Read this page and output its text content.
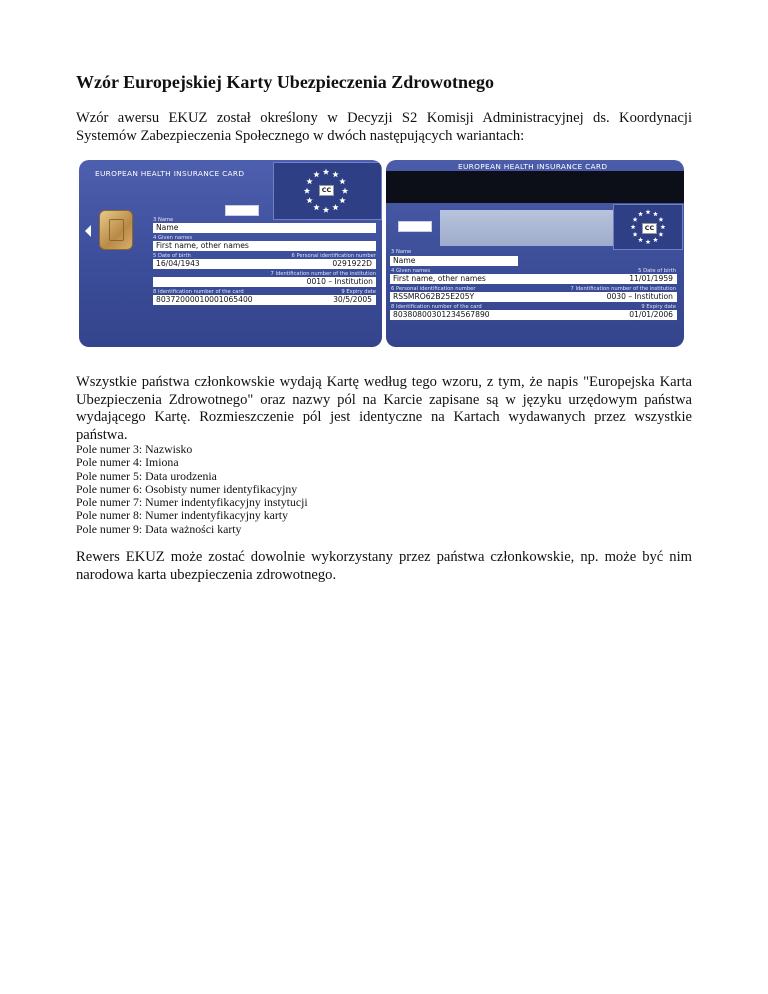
Wzór Europejskiej Karty Ubezpieczenia Zdrowotnego

Wzór awersu EKUZ został określony w Decyzji S2 Komisji Administracyjnej ds. Koordynacji Systemów Zabezpieczenia Społecznego w dwóch następujących wariantach:

EUROPEAN HEALTH INSURANCE CARD
CC
3 Name
Name
4 Given names
First name, other names
5 Date of birth	6 Personal identification number
16/04/1943	0291922D
7 Identification number of the institution
0010 – Institution
8 Identification number of the card	9 Expiry date
80372000010001065400	30/5/2005
EUROPEAN HEALTH INSURANCE CARD
CC
3 Name
Name
4 Given names	5 Date of birth
First name, other names	11/01/1959
6 Personal identification number	7 Identification number of the institution
RSSMRO62B25E205Y	0030 – Institution
8 Identification number of the card	9 Expiry date
80380800301234567890	01/01/2006

Wszystkie państwa członkowskie wydają Kartę według tego wzoru, z tym, że napis "Europejska Karta Ubezpieczenia Zdrowotnego" oraz nazwy pól na Karcie zapisane są w języku urzędowym państwa wydającego Kartę. Rozmieszczenie pól jest identyczne na Kartach wydawanych przez wszystkie państwa.

Pole numer 3: Nazwisko
Pole numer 4: Imiona
Pole numer 5: Data urodzenia
Pole numer 6: Osobisty numer identyfikacyjny
Pole numer 7: Numer indentyfikacyjny instytucji
Pole numer 8: Numer indentyfikacyjny karty
Pole numer 9: Data ważności karty

Rewers EKUZ może zostać dowolnie wykorzystany przez państwa członkowskie, np. może być nim narodowa karta ubezpieczenia zdrowotnego.
